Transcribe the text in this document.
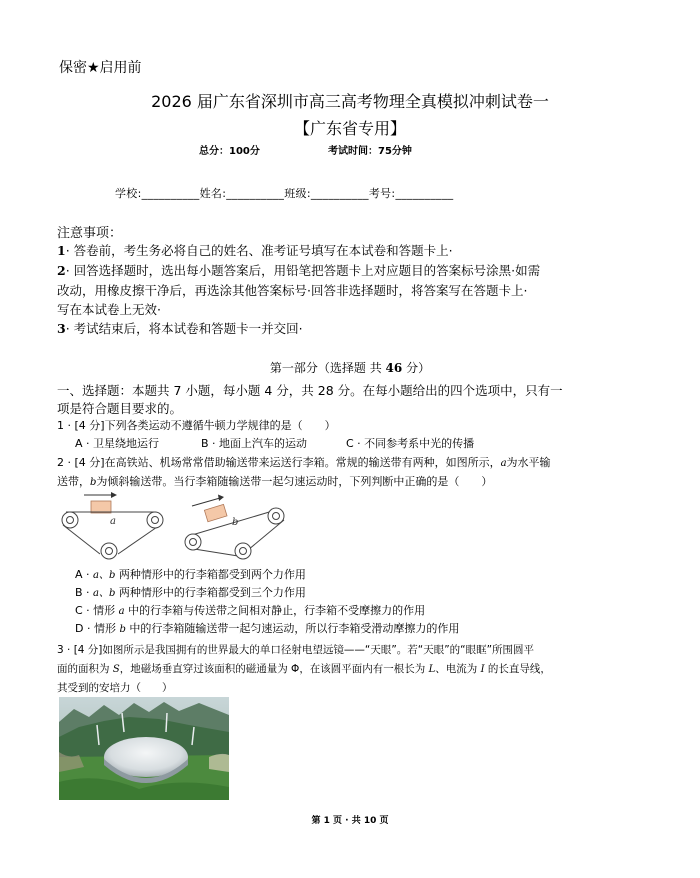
保密★启用前
2026 届广东省深圳市高三高考物理全真模拟冲刺试卷一
【广东省专用】
总分：100分	考试时间：75分钟
学校:__________姓名:__________班级:__________考号:__________
注意事项：
1· 答卷前，考生务必将自己的姓名、准考证号填写在本试卷和答题卡上·
2· 回答选择题时，选出每小题答案后，用铅笔把答题卡上对应题目的答案标号涂黑·如需
改动，用橡皮擦干净后，再选涂其他答案标号·回答非选择题时，将答案写在答题卡上·
写在本试卷上无效·
3· 考试结束后，将本试卷和答题卡一并交回·
第一部分（选择题 共 46 分）
一、选择题：本题共 7 小题，每小题 4 分，共 28 分。在每小题给出的四个选项中，只有一
项是符合题目要求的。
1 · [4 分]下列各类运动不遵循牛顿力学规律的是（　　）
A · 卫星绕地运行	B · 地面上汽车的运动	C · 不同参考系中光的传播
2 · [4 分]在高铁站、机场常常借助输送带来运送行李箱。常规的输送带有两种，如图所示，a为水平输
送带，b为倾斜输送带。当行李箱随输送带一起匀速运动时，下列判断中正确的是（　　）
a	b
A · a、b 两种情形中的行李箱都受到两个力作用
B · a、b 两种情形中的行李箱都受到三个力作用
C · 情形 a 中的行李箱与传送带之间相对静止，行李箱不受摩擦力的作用
D · 情形 b 中的行李箱随输送带一起匀速运动，所以行李箱受滑动摩擦力的作用
3 · [4 分]如图所示是我国拥有的世界最大的单口径射电望远镜——“天眼”。若“天眼”的“眼眶”所围圆平
面的面积为 S，地磁场垂直穿过该面积的磁通量为 Φ，在该圆平面内有一根长为 L、电流为 I 的长直导线，
其受到的安培力（　　）
第 1 页 · 共 10 页
